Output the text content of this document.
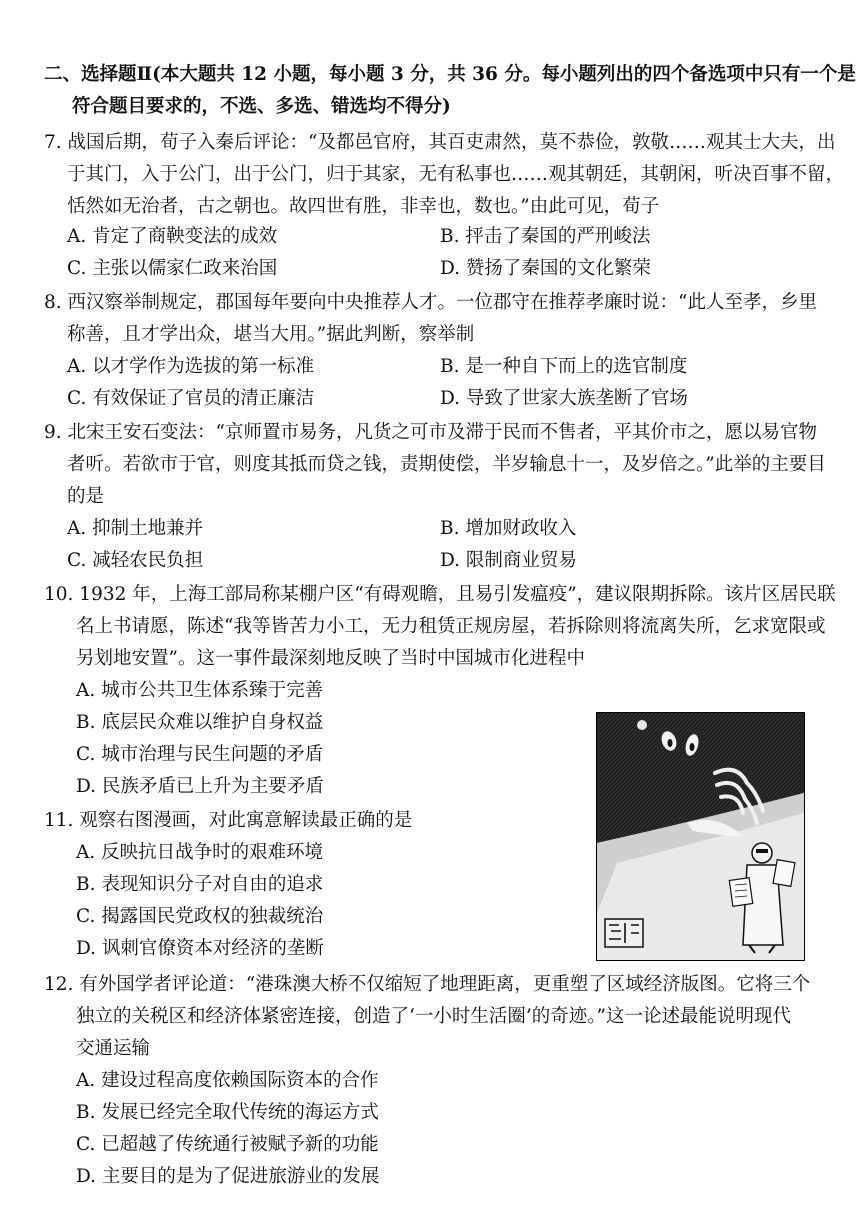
二、选择题Ⅱ(本大题共 12 小题，每小题 3 分，共 36 分。每小题列出的四个备选项中只有一个是
符合题目要求的，不选、多选、错选均不得分)
7. 战国后期，荀子入秦后评论：“及都邑官府，其百吏肃然，莫不恭俭，敦敬……观其士大夫，出
于其门，入于公门，出于公门，归于其家，无有私事也……观其朝廷，其朝闲，听决百事不留，
恬然如无治者，古之朝也。故四世有胜，非幸也，数也。”由此可见，荀子
A. 肯定了商鞅变法的成效	B. 抨击了秦国的严刑峻法
C. 主张以儒家仁政来治国	D. 赞扬了秦国的文化繁荣
8. 西汉察举制规定，郡国每年要向中央推荐人才。一位郡守在推荐孝廉时说：“此人至孝，乡里
称善，且才学出众，堪当大用。”据此判断，察举制
A. 以才学作为选拔的第一标准	B. 是一种自下而上的选官制度
C. 有效保证了官员的清正廉洁	D. 导致了世家大族垄断了官场
9. 北宋王安石变法：“京师置市易务，凡货之可市及滞于民而不售者，平其价市之，愿以易官物
者听。若欲市于官，则度其抵而贷之钱，责期使偿，半岁输息十一，及岁倍之。”此举的主要目
的是
A. 抑制土地兼并	B. 增加财政收入
C. 减轻农民负担	D. 限制商业贸易
10. 1932 年，上海工部局称某棚户区“有碍观瞻，且易引发瘟疫”，建议限期拆除。该片区居民联
名上书请愿，陈述“我等皆苦力小工，无力租赁正规房屋，若拆除则将流离失所，乞求宽限或
另划地安置”。这一事件最深刻地反映了当时中国城市化进程中
A. 城市公共卫生体系臻于完善
B. 底层民众难以维护自身权益
C. 城市治理与民生问题的矛盾
D. 民族矛盾已上升为主要矛盾
11. 观察右图漫画，对此寓意解读最正确的是
A. 反映抗日战争时的艰难环境
B. 表现知识分子对自由的追求
C. 揭露国民党政权的独裁统治
D. 讽刺官僚资本对经济的垄断
12. 有外国学者评论道：“港珠澳大桥不仅缩短了地理距离，更重塑了区域经济版图。它将三个
独立的关税区和经济体紧密连接，创造了‘一小时生活圈’的奇迹。”这一论述最能说明现代
交通运输
A. 建设过程高度依赖国际资本的合作
B. 发展已经完全取代传统的海运方式
C. 已超越了传统通行被赋予新的功能
D. 主要目的是为了促进旅游业的发展
